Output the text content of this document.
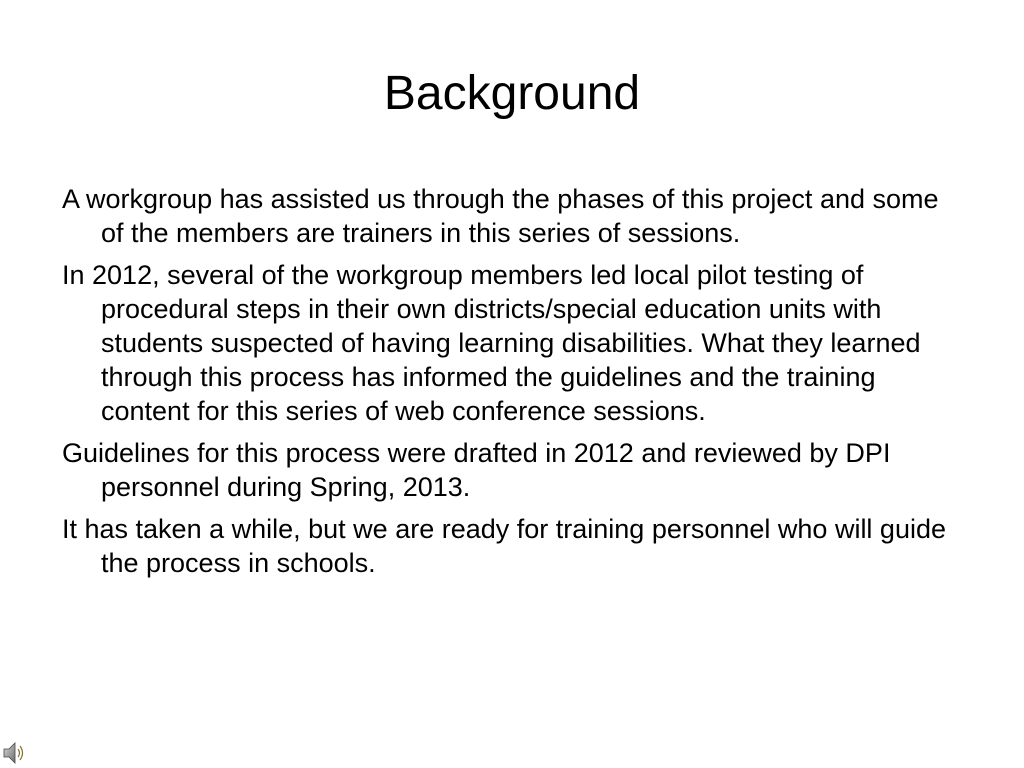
Background
A workgroup has assisted us through the phases of this project and some of the members are trainers in this series of sessions.
In 2012, several of the workgroup members led local pilot testing of procedural steps in their own districts/special education units with students suspected of having learning disabilities. What they learned through this process has informed the guidelines and the training content for this series of web conference sessions.
Guidelines for this process were drafted in 2012 and reviewed by DPI personnel during Spring, 2013.
It has taken a while, but we are ready for training personnel who will guide the process in schools.
